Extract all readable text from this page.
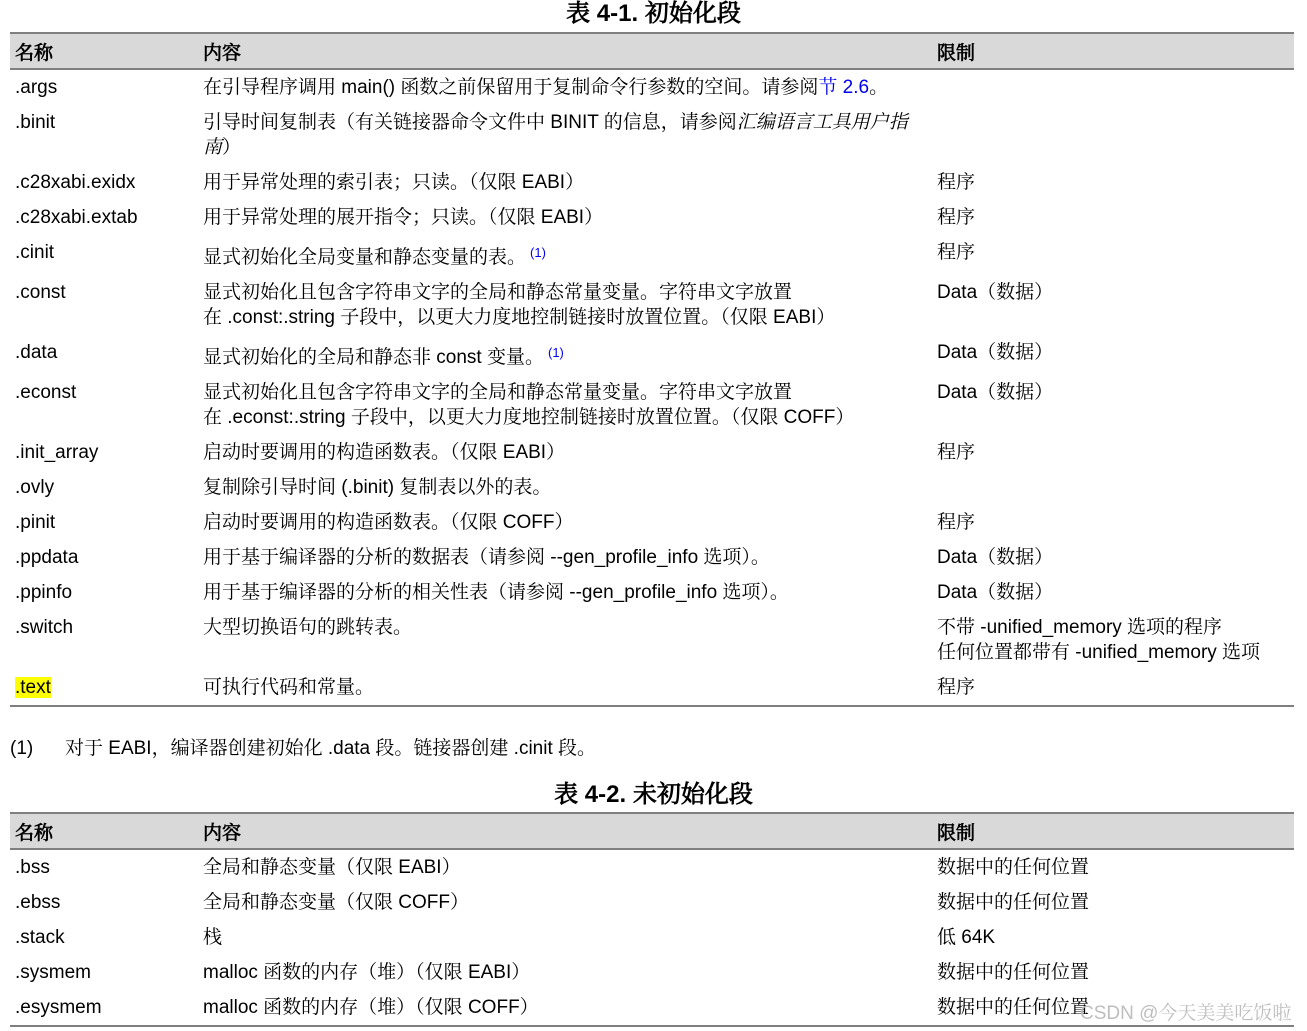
表 4-1. 初始化段
名称	内容	限制
.args	在引导程序调用 main() 函数之前保留用于复制命令行参数的空间。请参阅节 2.6。	
.binit	引导时间复制表（有关链接器命令文件中 BINIT 的信息，请参阅汇编语言工具用户指南）	
.c28xabi.exidx	用于异常处理的索引表；只读。（仅限 EABI）	程序
.c28xabi.extab	用于异常处理的展开指令；只读。（仅限 EABI）	程序
.cinit	显式初始化全局变量和静态变量的表。 $^{(1)}$	程序
.const	显式初始化且包含字符串文字的全局和静态常量变量。字符串文字放置
在 .const:.string 子段中，以更大力度地控制链接时放置位置。（仅限 EABI）	Data（数据）
.data	显式初始化的全局和静态非 const 变量。 $^{(1)}$	Data（数据）
.econst	显式初始化且包含字符串文字的全局和静态常量变量。字符串文字放置
在 .econst:.string 子段中，以更大力度地控制链接时放置位置。（仅限 COFF）	Data（数据）
.init_array	启动时要调用的构造函数表。（仅限 EABI）	程序
.ovly	复制除引导时间 (.binit) 复制表以外的表。	
.pinit	启动时要调用的构造函数表。（仅限 COFF）	程序
.ppdata	用于基于编译器的分析的数据表（请参阅 --gen_profile_info 选项）。	Data（数据）
.ppinfo	用于基于编译器的分析的相关性表（请参阅 --gen_profile_info 选项）。	Data（数据）
.switch	大型切换语句的跳转表。	不带 -unified_memory 选项的程序
任何位置都带有 -unified_memory 选项
.text	可执行代码和常量。	程序
(1) 对于 EABI，编译器创建初始化 .data 段。链接器创建 .cinit 段。
表 4-2. 未初始化段
名称	内容	限制
.bss	全局和静态变量（仅限 EABI）	数据中的任何位置
.ebss	全局和静态变量（仅限 COFF）	数据中的任何位置
.stack	栈	低 64K
.sysmem	malloc 函数的内存（堆）（仅限 EABI）	数据中的任何位置
.esysmem	malloc 函数的内存（堆）（仅限 COFF）	数据中的任何位置
CSDN @今天美美吃饭啦
